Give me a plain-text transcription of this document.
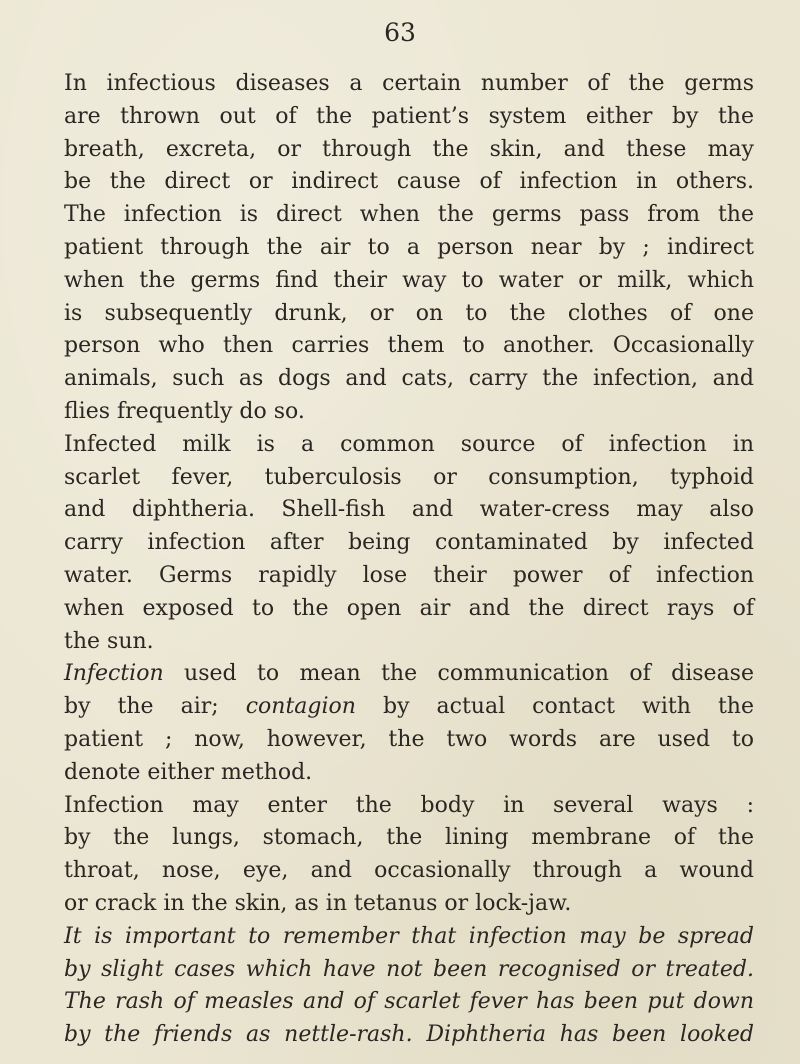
63
In infectious diseases a certain number of the germs
are thrown out of the patient’s system either by the
breath, excreta, or through the skin, and these may
be the direct or indirect cause of infection in others.
The infection is direct when the germs pass from the
patient through the air to a person near by ; indirect
when the germs find their way to water or milk, which
is subsequently drunk, or on to the clothes of one
person who then carries them to another. Occasionally
animals, such as dogs and cats, carry the infection, and
flies frequently do so.
Infected milk is a common source of infection in
scarlet fever, tuberculosis or consumption, typhoid
and diphtheria. Shell-fish and water-cress may also
carry infection after being contaminated by infected
water. Germs rapidly lose their power of infection
when exposed to the open air and the direct rays of
the sun.
Infection used to mean the communication of disease
by the air; contagion by actual contact with the
patient ; now, however, the two words are used to
denote either method.
Infection may enter the body in several ways :
by the lungs, stomach, the lining membrane of the
throat, nose, eye, and occasionally through a wound
or crack in the skin, as in tetanus or lock-jaw.
It is important to remember that infection may be spread
by slight cases which have not been recognised or treated.
The rash of measles and of scarlet fever has been put down
by the friends as nettle-rash. Diphtheria has been looked
